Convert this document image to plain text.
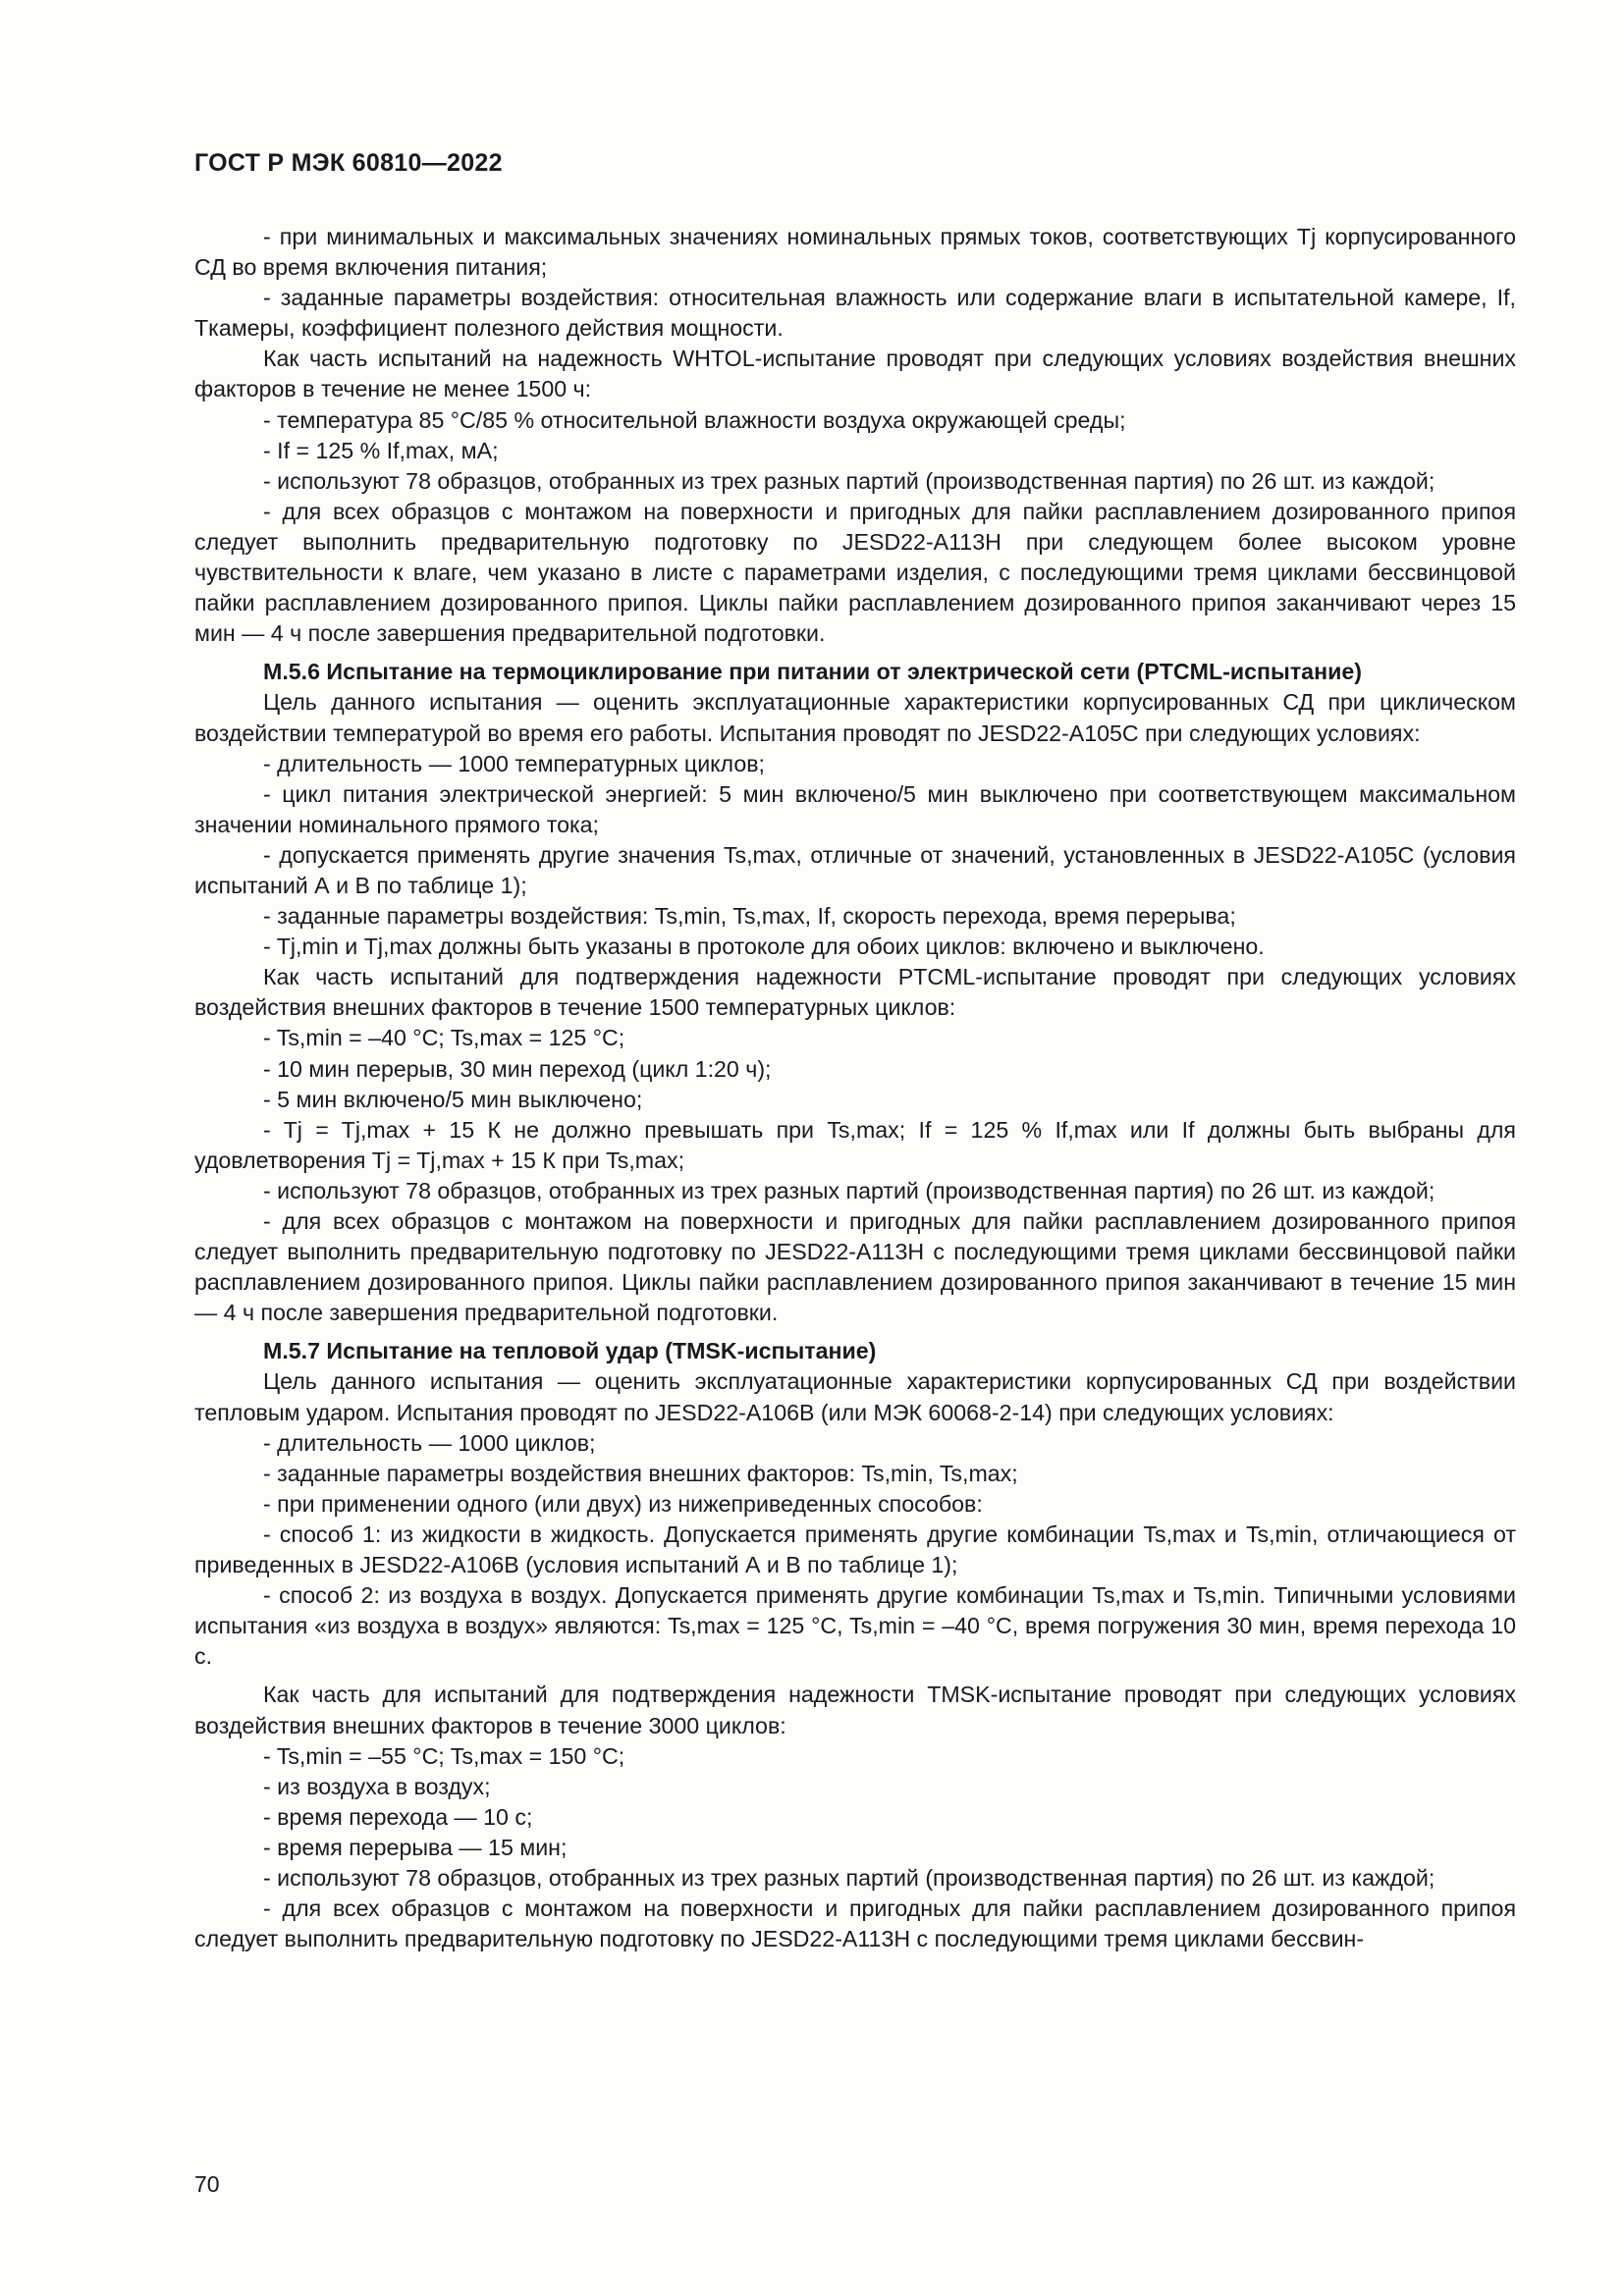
ГОСТ Р МЭК 60810—2022

- при минимальных и максимальных значениях номинальных прямых токов, соответствующих Tj корпусированного СД во время включения питания;

- заданные параметры воздействия: относительная влажность или содержание влаги в испытательной камере, If, Tкамеры, коэффициент полезного действия мощности.

Как часть испытаний на надежность WHTOL-испытание проводят при следующих условиях воздействия внешних факторов в течение не менее 1500 ч:

- температура 85 °C/85 % относительной влажности воздуха окружающей среды;

- If = 125 % If,max, мА;

- используют 78 образцов, отобранных из трех разных партий (производственная партия) по 26 шт. из каждой;

- для всех образцов с монтажом на поверхности и пригодных для пайки расплавлением дозированного припоя следует выполнить предварительную подготовку по JESD22-A113H при следующем более высоком уровне чувствительности к влаге, чем указано в листе с параметрами изделия, с последующими тремя циклами бессвинцовой пайки расплавлением дозированного припоя. Циклы пайки расплавлением дозированного припоя заканчивают через 15 мин — 4 ч после завершения предварительной подготовки.

М.5.6 Испытание на термоциклирование при питании от электрической сети (PTCML-испытание)

Цель данного испытания — оценить эксплуатационные характеристики корпусированных СД при циклическом воздействии температурой во время его работы. Испытания проводят по JESD22-A105C при следующих условиях:

- длительность — 1000 температурных циклов;

- цикл питания электрической энергией: 5 мин включено/5 мин выключено при соответствующем максимальном значении номинального прямого тока;

- допускается применять другие значения Ts,max, отличные от значений, установленных в JESD22-A105C (условия испытаний А и В по таблице 1);

- заданные параметры воздействия: Ts,min, Ts,max, If, скорость перехода, время перерыва;

- Tj,min и Tj,max должны быть указаны в протоколе для обоих циклов: включено и выключено.

Как часть испытаний для подтверждения надежности PTCML-испытание проводят при следующих условиях воздействия внешних факторов в течение 1500 температурных циклов:

- Ts,min = –40 °C; Ts,max = 125 °C;

- 10 мин перерыв, 30 мин переход (цикл 1:20 ч);

- 5 мин включено/5 мин выключено;

- Tj = Tj,max + 15 К не должно превышать при Ts,max; If = 125 % If,max или If должны быть выбраны для удовлетворения Tj = Tj,max + 15 К при Ts,max;

- используют 78 образцов, отобранных из трех разных партий (производственная партия) по 26 шт. из каждой;

- для всех образцов с монтажом на поверхности и пригодных для пайки расплавлением дозированного припоя следует выполнить предварительную подготовку по JESD22-A113H с последующими тремя циклами бессвинцовой пайки расплавлением дозированного припоя. Циклы пайки расплавлением дозированного припоя заканчивают в течение 15 мин — 4 ч после завершения предварительной подготовки.

М.5.7 Испытание на тепловой удар (TMSK-испытание)

Цель данного испытания — оценить эксплуатационные характеристики корпусированных СД при воздействии тепловым ударом. Испытания проводят по JESD22-A106B (или МЭК 60068-2-14) при следующих условиях:

- длительность — 1000 циклов;

- заданные параметры воздействия внешних факторов: Ts,min, Ts,max;

- при применении одного (или двух) из нижеприведенных способов:

- способ 1: из жидкости в жидкость. Допускается применять другие комбинации Ts,max и Ts,min, отличающиеся от приведенных в JESD22-A106B (условия испытаний А и В по таблице 1);

- способ 2: из воздуха в воздух. Допускается применять другие комбинации Ts,max и Ts,min. Типичными условиями испытания «из воздуха в воздух» являются: Ts,max = 125 °C, Ts,min = –40 °C, время погружения 30 мин, время перехода 10 с.

Как часть для испытаний для подтверждения надежности TMSK-испытание проводят при следующих условиях воздействия внешних факторов в течение 3000 циклов:

- Ts,min = –55 °C; Ts,max = 150 °C;

- из воздуха в воздух;

- время перехода — 10 с;

- время перерыва — 15 мин;

- используют 78 образцов, отобранных из трех разных партий (производственная партия) по 26 шт. из каждой;

- для всех образцов с монтажом на поверхности и пригодных для пайки расплавлением дозированного припоя следует выполнить предварительную подготовку по JESD22-A113H с последующими тремя циклами бессвин-

70
